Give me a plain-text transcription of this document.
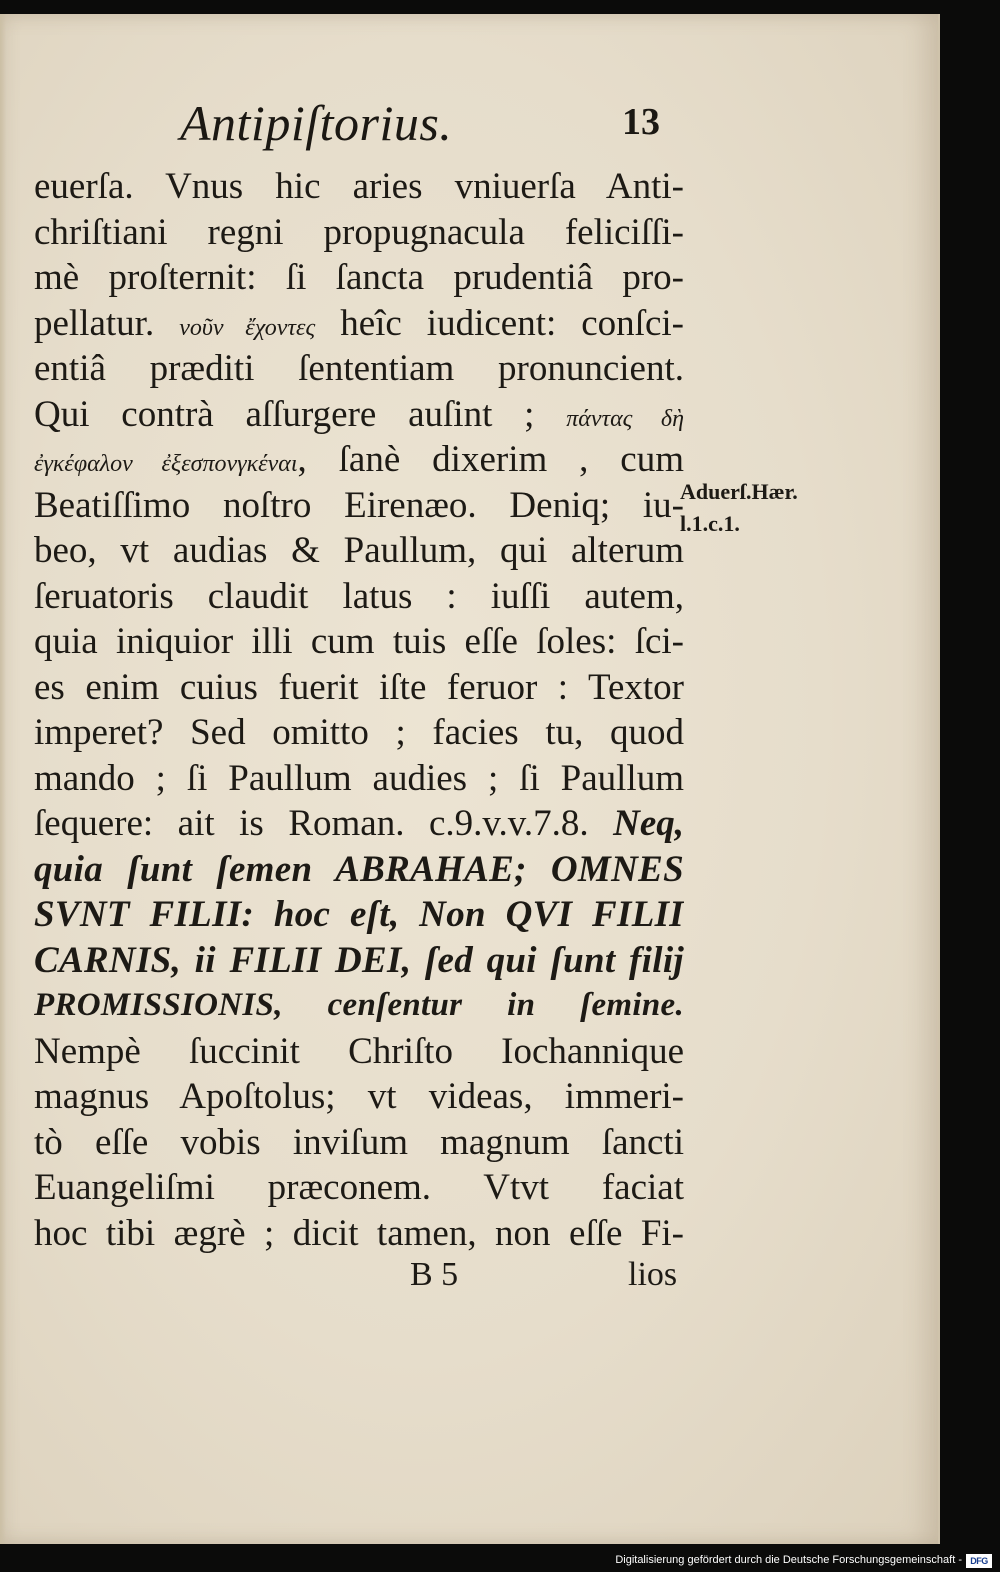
Antipiſtorius.	13
euerſa. Vnus hic aries vniuerſa Anti-
chriſtiani regni propugnacula feliciſſi-
mè proſternit: ſi ſancta prudentiâ pro-
pellatur. νοῦν ἔχοντες heîc iudicent: conſci-
entiâ præditi ſententiam pronuncient.
Qui contrà aſſurgere auſint ; πάντας δὴ
ἐγκέφαλον ἐξεσπονγκέναι, ſanè dixerim , cum
Beatiſſimo noſtro Eirenæo. Deniq; iu-
beo, vt audias & Paullum, qui alterum
ſeruatoris claudit latus : iuſſi autem,
quia iniquior illi cum tuis eſſe ſoles: ſci-
es enim cuius fuerit iſte feruor : Textor
imperet? Sed omitto ; facies tu, quod
mando ; ſi Paullum audies ; ſi Paullum
ſequere: ait is Roman. c.9.v.v.7.8. Neq,
quia ſunt ſemen ABRAHAE; OMNES
SVNT FILII: hoc eſt, Non QVI FILII
CARNIS, ii FILII DEI, ſed qui ſunt filij
PROMISSIONIS, cenſentur in ſemine.
Nempè ſuccinit Chriſto Iochannique
magnus Apoſtolus; vt videas, immeri-
tò eſſe vobis inviſum magnum ſancti
Euangeliſmi præconem. Vtvt faciat
hoc tibi ægrè ; dicit tamen, non eſſe Fi-
Aduerſ.Hær.
l.1.c.1.
B 5	lios
Digitalisierung gefördert durch die Deutsche Forschungsgemeinschaft - DFG
